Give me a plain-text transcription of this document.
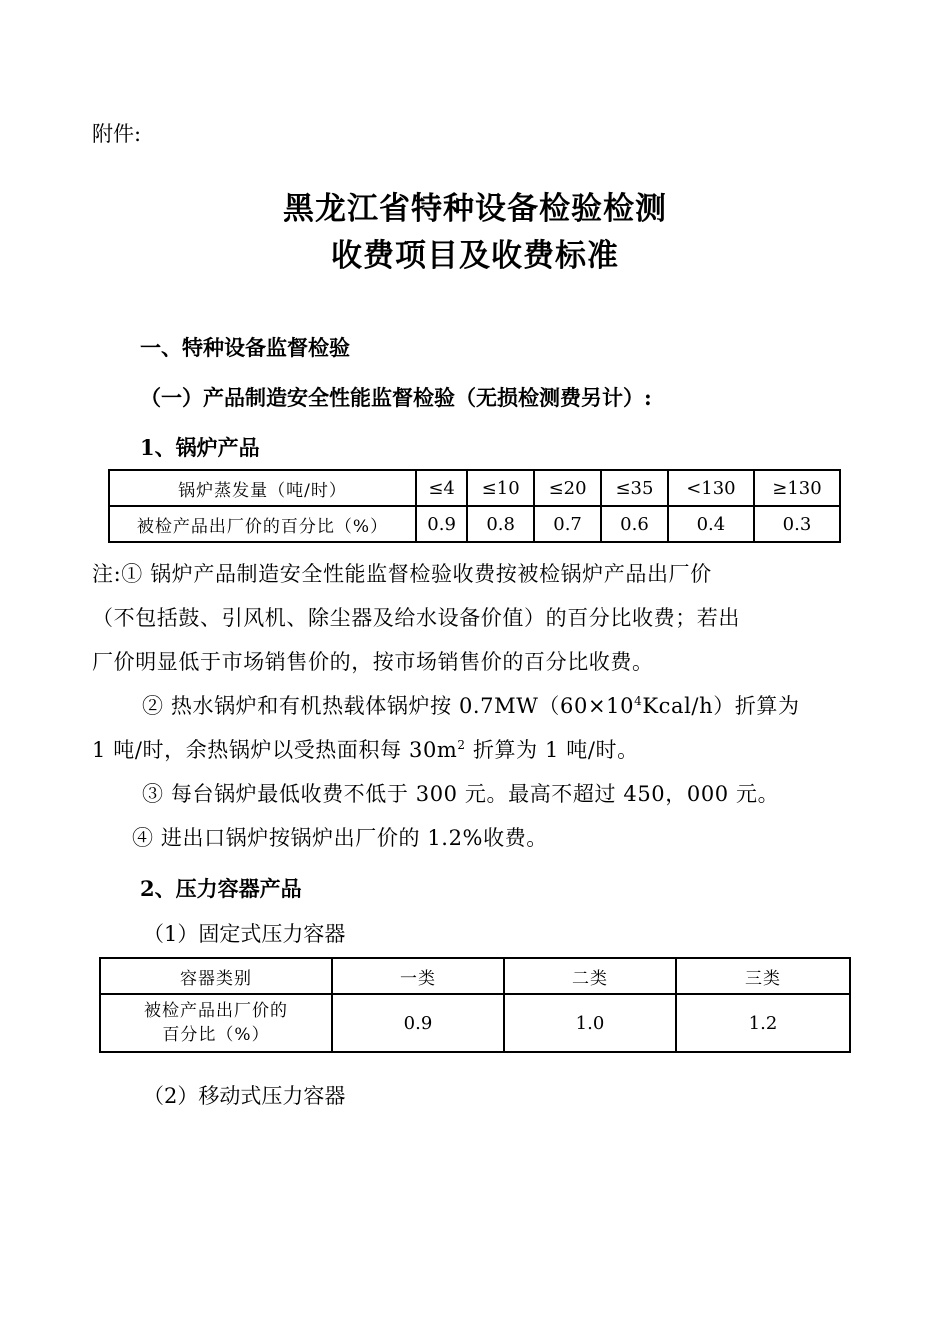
附件:
黑龙江省特种设备检验检测
收费项目及收费标准
一、特种设备监督检验
（一）产品制造安全性能监督检验（无损检测费另计）:
1、锅炉产品
锅炉蒸发量（吨/时）	≤4	≤10	≤20	≤35	<130	≥130
被检产品出厂价的百分比（%）	0.9	0.8	0.7	0.6	0.4	0.3
注:① 锅炉产品制造安全性能监督检验收费按被检锅炉产品出厂价
（不包括鼓、引风机、除尘器及给水设备价值）的百分比收费；若出
厂价明显低于市场销售价的，按市场销售价的百分比收费。
② 热水锅炉和有机热载体锅炉按 $0.7MW(60\times 10^4Kcal/h)$折算为
1 吨/时，余热锅炉以受热面积每 $30m^2$ 折算为 1 吨/时。
③ 每台锅炉最低收费不低于 300 元。最高不超过 450，000 元。
④ 进出口锅炉按锅炉出厂价的 1.2%收费。
2、压力容器产品
（1）固定式压力容器
容器类别	一类	二类	三类

被检产品出厂价的
百分比（%）	0.9	1.0	1.2
（2）移动式压力容器
